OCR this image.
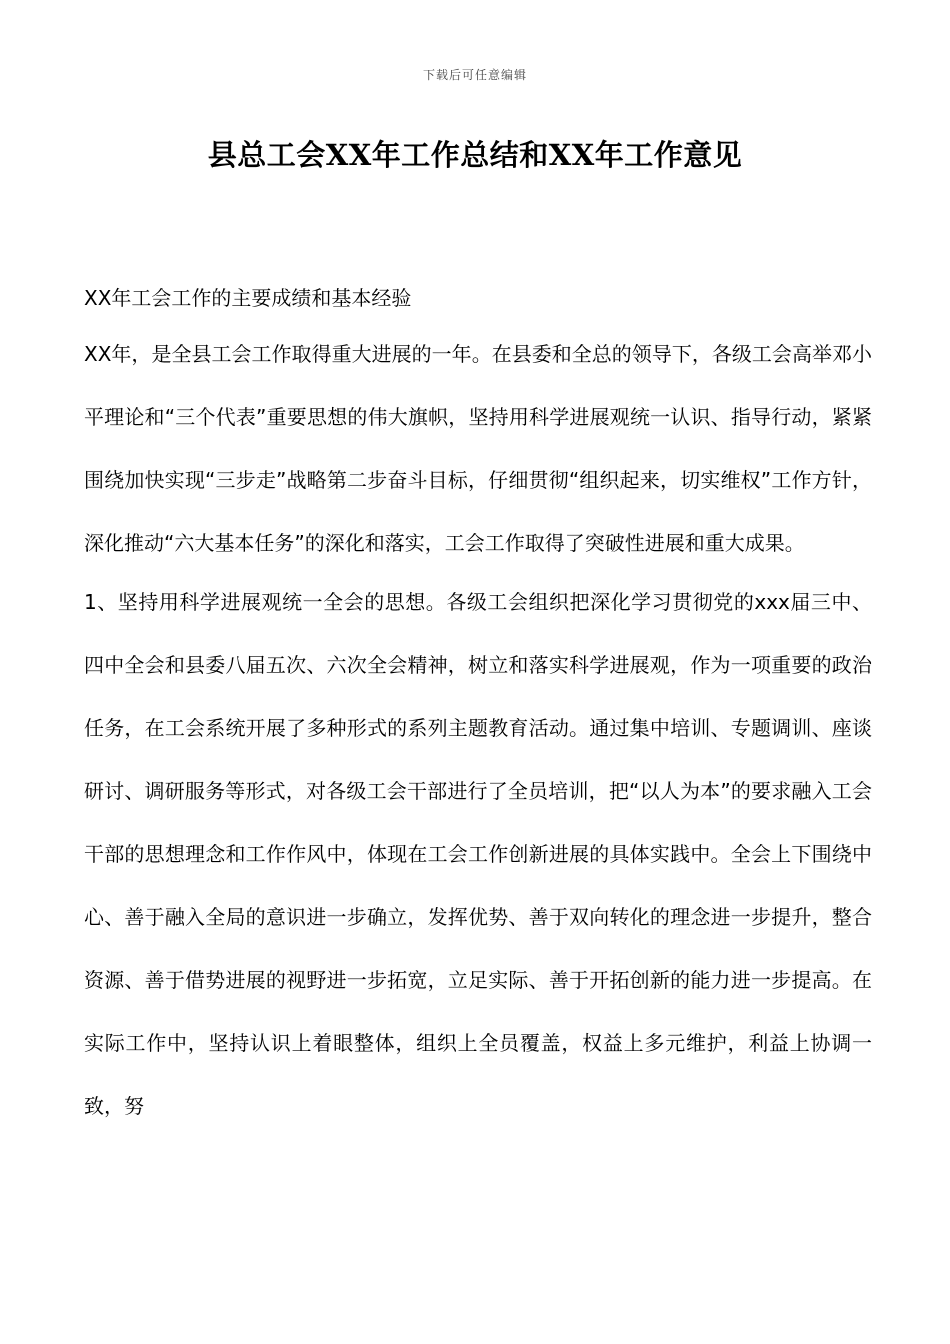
下载后可任意编辑
县总工会XX年工作总结和XX年工作意见

XX年工会工作的主要成绩和基本经验

XX年，是全县工会工作取得重大进展的一年。在县委和全总的领导下，各级工会高举邓小平理论和“三个代表”重要思想的伟大旗帜，坚持用科学进展观统一认识、指导行动，紧紧围绕加快实现“三步走”战略第二步奋斗目标，仔细贯彻“组织起来，切实维权”工作方针，深化推动“六大基本任务”的深化和落实，工会工作取得了突破性进展和重大成果。

1、坚持用科学进展观统一全会的思想。各级工会组织把深化学习贯彻党的xxx届三中、四中全会和县委八届五次、六次全会精神，树立和落实科学进展观，作为一项重要的政治任务，在工会系统开展了多种形式的系列主题教育活动。通过集中培训、专题调训、座谈研讨、调研服务等形式，对各级工会干部进行了全员培训，把“以人为本”的要求融入工会干部的思想理念和工作作风中，体现在工会工作创新进展的具体实践中。全会上下围绕中心、善于融入全局的意识进一步确立，发挥优势、善于双向转化的理念进一步提升，整合资源、善于借势进展的视野进一步拓宽，立足实际、善于开拓创新的能力进一步提高。在实际工作中，坚持认识上着眼整体，组织上全员覆盖，权益上多元维护，利益上协调一致，努
